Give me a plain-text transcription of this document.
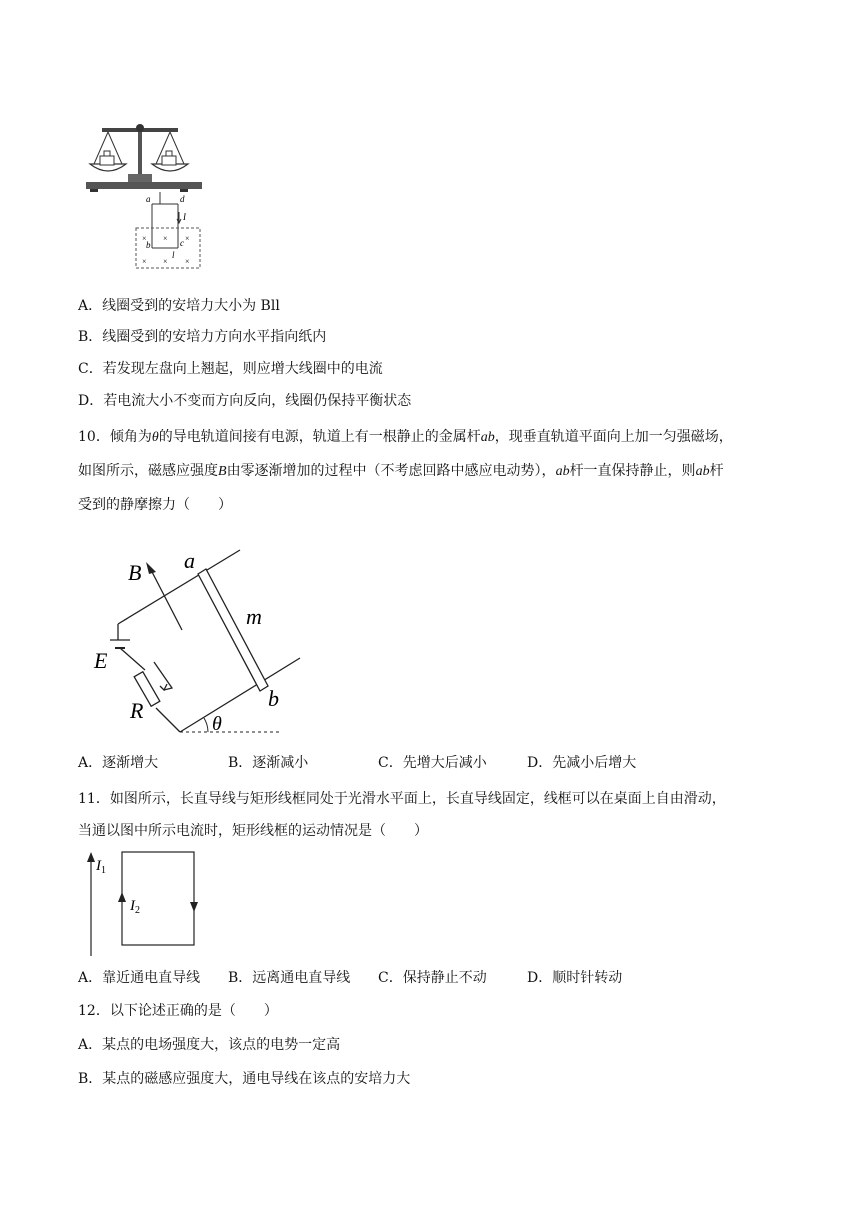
a	d
I
b	c
l
× × ×
× × ×
A．线圈受到的安培力大小为 Bll
B．线圈受到的安培力方向水平指向纸内
C．若发现左盘向上翘起，则应增大线圈中的电流
D．若电流大小不变而方向反向，线圈仍保持平衡状态
10．倾角为θ的导电轨道间接有电源，轨道上有一根静止的金属杆ab，现垂直轨道平面向上加一匀强磁场，
如图所示，磁感应强度B由零逐渐增加的过程中（不考虑回路中感应电动势），ab杆一直保持静止，则ab杆
受到的静摩擦力（　　）
B a
m
E
R	b
θ
A．逐渐增大	B．逐渐减小	C．先增大后减小	D．先减小后增大
11．如图所示，长直导线与矩形线框同处于光滑水平面上，长直导线固定，线框可以在桌面上自由滑动，
当通以图中所示电流时，矩形线框的运动情况是（　　）
$I_1$
$I_2$
A．靠近通电直导线 B．远离通电直导线 C．保持静止不动	D．顺时针转动
12．以下论述正确的是（　　）
A．某点的电场强度大，该点的电势一定高
B．某点的磁感应强度大，通电导线在该点的安培力大
